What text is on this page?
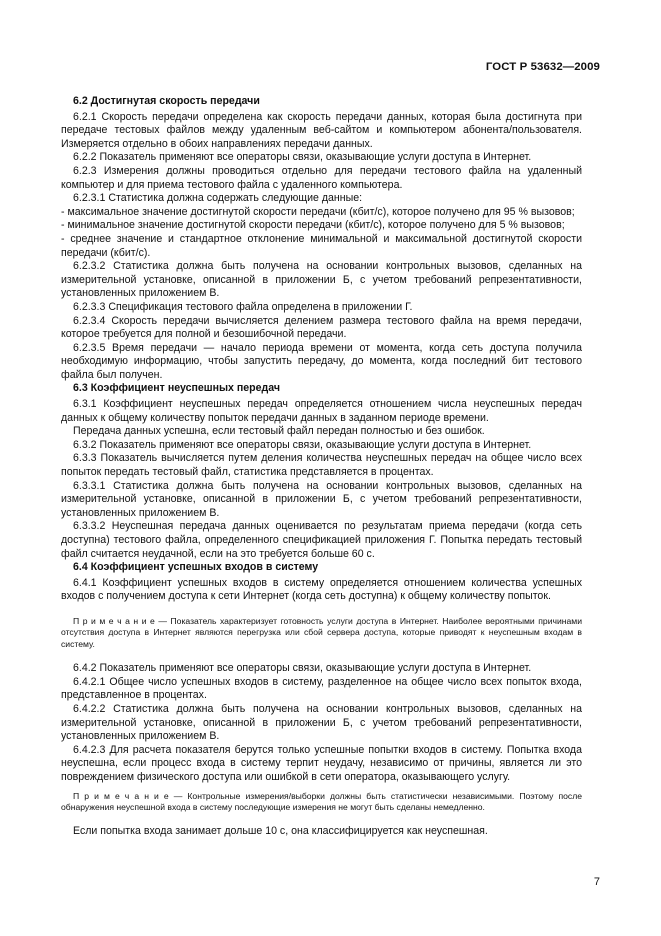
ГОСТ Р 53632—2009
6.2 Достигнутая скорость передачи

6.2.1 Скорость передачи определена как скорость передачи данных, которая была достигнута при передаче тестовых файлов между удаленным веб-сайтом и компьютером абонента/пользователя. Измеряется отдельно в обоих направлениях передачи данных.

6.2.2 Показатель применяют все операторы связи, оказывающие услуги доступа в Интернет.

6.2.3 Измерения должны проводиться отдельно для передачи тестового файла на удаленный компьютер и для приема тестового файла с удаленного компьютера.

6.2.3.1 Статистика должна содержать следующие данные:

- максимальное значение достигнутой скорости передачи (кбит/с), которое получено для 95 % вызовов;

- минимальное значение достигнутой скорости передачи (кбит/с), которое получено для 5 % вызовов;

- среднее значение и стандартное отклонение минимальной и максимальной достигнутой скорости передачи (кбит/с).

6.2.3.2 Статистика должна быть получена на основании контрольных вызовов, сделанных на измерительной установке, описанной в приложении Б, с учетом требований репрезентативности, установленных приложением В.

6.2.3.3 Спецификация тестового файла определена в приложении Г.

6.2.3.4 Скорость передачи вычисляется делением размера тестового файла на время передачи, которое требуется для полной и безошибочной передачи.

6.2.3.5 Время передачи — начало периода времени от момента, когда сеть доступа получила необходимую информацию, чтобы запустить передачу, до момента, когда последний бит тестового файла был получен.

6.3 Коэффициент неуспешных передач

6.3.1 Коэффициент неуспешных передач определяется отношением числа неуспешных передач данных к общему количеству попыток передачи данных в заданном периоде времени.

Передача данных успешна, если тестовый файл передан полностью и без ошибок.

6.3.2 Показатель применяют все операторы связи, оказывающие услуги доступа в Интернет.

6.3.3 Показатель вычисляется путем деления количества неуспешных передач на общее число всех попыток передать тестовый файл, статистика представляется в процентах.

6.3.3.1 Статистика должна быть получена на основании контрольных вызовов, сделанных на измерительной установке, описанной в приложении Б, с учетом требований репрезентативности, установленных приложением В.

6.3.3.2 Неуспешная передача данных оценивается по результатам приема передачи (когда сеть доступна) тестового файла, определенного спецификацией приложения Г. Попытка передать тестовый файл считается неудачной, если на это требуется больше 60 с.

6.4 Коэффициент успешных входов в систему

6.4.1 Коэффициент успешных входов в систему определяется отношением количества успешных входов с получением доступа к сети Интернет (когда сеть доступна) к общему количеству попыток.

П р и м е ч а н и е — Показатель характеризует готовность услуги доступа в Интернет. Наиболее вероятными причинами отсутствия доступа в Интернет являются перегрузка или сбой сервера доступа, которые приводят к неуспешным входам в систему.

6.4.2 Показатель применяют все операторы связи, оказывающие услуги доступа в Интернет.

6.4.2.1 Общее число успешных входов в систему, разделенное на общее число всех попыток входа, представленное в процентах.

6.4.2.2 Статистика должна быть получена на основании контрольных вызовов, сделанных на измерительной установке, описанной в приложении Б, с учетом требований репрезентативности, установленных приложением В.

6.4.2.3 Для расчета показателя берутся только успешные попытки входов в систему. Попытка входа неуспешна, если процесс входа в систему терпит неудачу, независимо от причины, является ли это повреждением физического доступа или ошибкой в сети оператора, оказывающего услугу.

П р и м е ч а н и е — Контрольные измерения/выборки должны быть статистически независимыми. Поэтому после обнаружения неуспешной входа в систему последующие измерения не могут быть сделаны немедленно.

Если попытка входа занимает дольше 10 с, она классифицируется как неуспешная.

7
